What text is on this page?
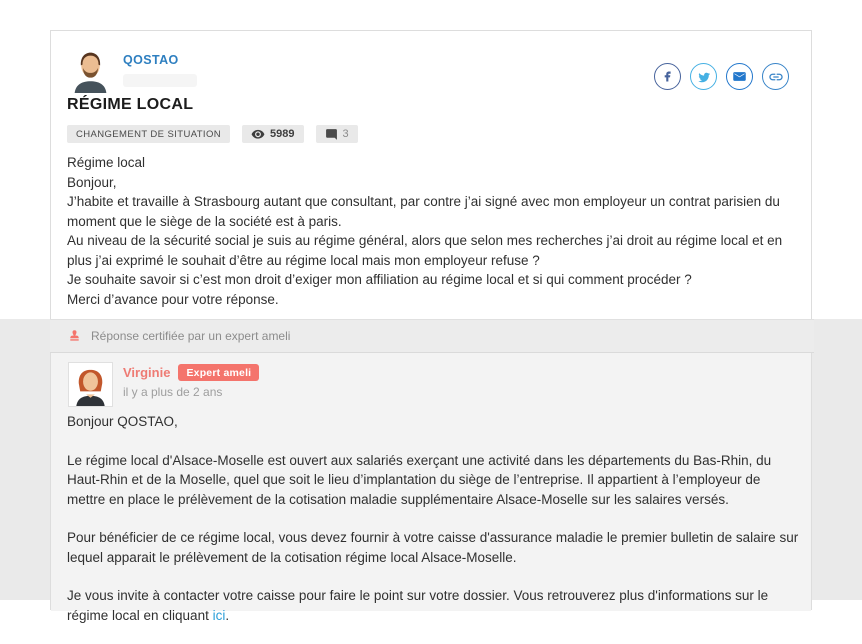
QOSTAO
RÉGIME LOCAL
CHANGEMENT DE SITUATION	5989	3

Régime local

Bonjour,

J’habite et travaille à Strasbourg autant que consultant, par contre j’ai signé avec mon employeur un contrat parisien du moment que le siège de la société est à paris.

Au niveau de la sécurité social je suis au régime général, alors que selon mes recherches j’ai droit au régime local et en plus j’ai exprimé le souhait d’être au régime local mais mon employeur refuse ?

Je souhaite savoir si c’est mon droit d’exiger mon affiliation au régime local et si qui comment procéder ?

Merci d’avance pour votre réponse.

Réponse certifiée par un expert ameli
Virginie	Expert ameli
il y a plus de 2 ans

Bonjour QOSTAO,

Le régime local d'Alsace-Moselle est ouvert aux salariés exerçant une activité dans les départements du Bas-Rhin, du Haut-Rhin et de la Moselle, quel que soit le lieu d’implantation du siège de l’entreprise. Il appartient à l’employeur de mettre en place le prélèvement de la cotisation maladie supplémentaire Alsace-Moselle sur les salaires versés.

Pour bénéficier de ce régime local, vous devez fournir à votre caisse d'assurance maladie le premier bulletin de salaire sur lequel apparait le prélèvement de la cotisation régime local Alsace-Moselle.

Je vous invite à contacter votre caisse pour faire le point sur votre dossier. Vous retrouverez plus d'informations sur le régime local en cliquant ici.
